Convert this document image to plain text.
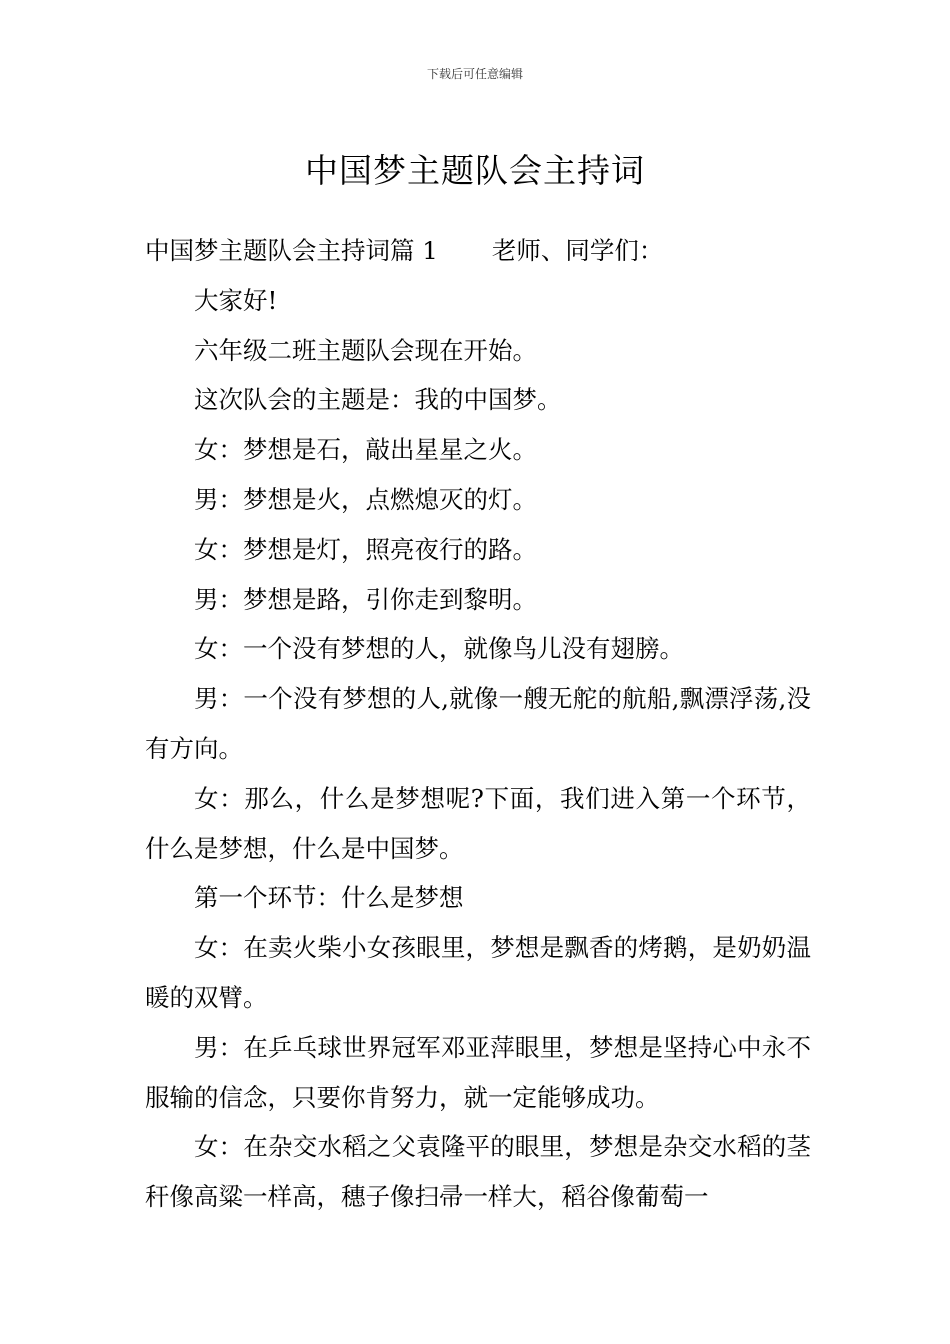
下载后可任意编辑
中国梦主题队会主持词

中国梦主题队会主持词篇 1 老师、同学们：

大家好!

六年级二班主题队会现在开始。

这次队会的主题是：我的中国梦。

女：梦想是石，敲出星星之火。

男：梦想是火，点燃熄灭的灯。

女：梦想是灯，照亮夜行的路。

男：梦想是路，引你走到黎明。

女：一个没有梦想的人，就像鸟儿没有翅膀。

男：一个没有梦想的人,就像一艘无舵的航船,飘漂浮荡,没有方向。

女：那么，什么是梦想呢?下面，我们进入第一个环节，什么是梦想，什么是中国梦。

第一个环节：什么是梦想

女：在卖火柴小女孩眼里，梦想是飘香的烤鹅，是奶奶温暖的双臂。

男：在乒乓球世界冠军邓亚萍眼里，梦想是坚持心中永不服输的信念，只要你肯努力，就一定能够成功。

女：在杂交水稻之父袁隆平的眼里，梦想是杂交水稻的茎秆像高粱一样高，穗子像扫帚一样大，稻谷像葡萄一
